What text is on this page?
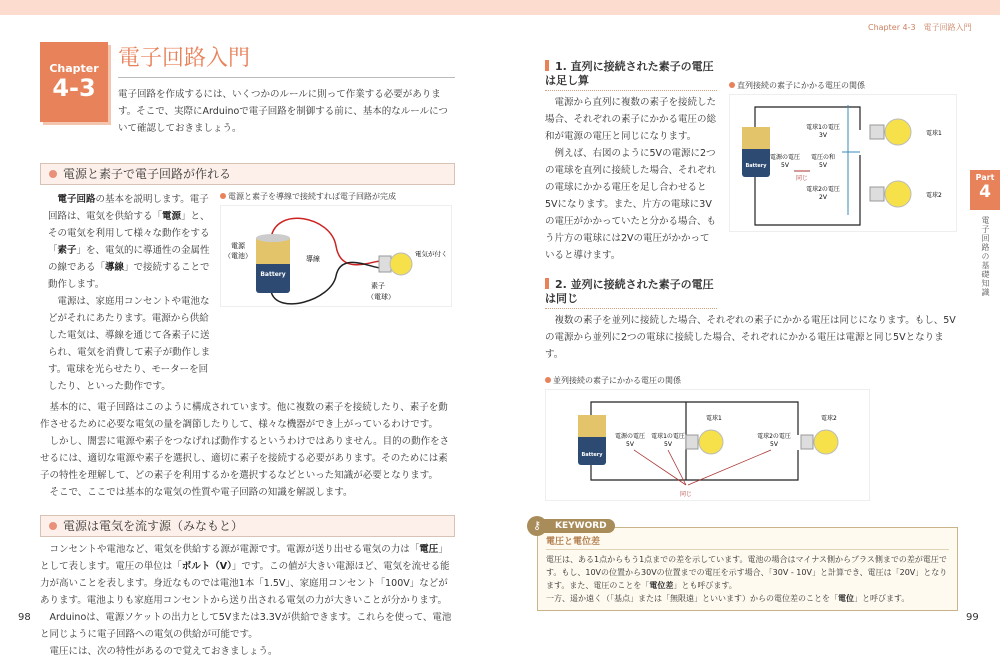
Chapter 4-3　 電子回路入門
Chapter
4-3
電子回路入門
電子回路を作成するには、いくつかのルールに則って作業する必要があります。そこで、実際にArduinoで電子回路を制御する前に、基本的なルールについて確認しておきましょう。
電源と素子で電子回路が作れる

電子回路の基本を説明します。電子回路は、電気を供給する「電源」と、その電気を利用して様々な動作をする「素子」を、電気的に導通性の金属性の線である「導線」で接続することで動作します。

電源は、家庭用コンセントや電池などがそれにあたります。電源から供給した電気は、導線を通じて各素子に送られ、電気を消費して素子が動作します。電球を光らせたり、モーターを回したり、といった動作です。

電源と素子を導線で接続すれば電子回路が完成
Battery
電源
（電池）	導線
素子
（電球）
電気が付く

基本的に、電子回路はこのように構成されています。他に複数の素子を接続したり、素子を動作させるために必要な電気の量を調節したりして、様々な機器ができ上がっているわけです。

しかし、闇雲に電源や素子をつなげれば動作するというわけではありません。目的の動作をさせるには、適切な電源や素子を選択し、適切に素子を接続する必要があります。そのためには素子の特性を理解して、どの素子を利用するかを選択するなどといった知識が必要となります。

そこで、ここでは基本的な電気の性質や電子回路の知識を解説します。

電源は電気を流す源（みなもと）

コンセントや電池など、電気を供給する源が電源です。電源が送り出せる電気の力は「電圧」として表します。電圧の単位は「ボルト（V）」です。この値が大きい電源ほど、電気を流せる能力が高いことを表します。身近なものでは電池1本「1.5V」、家庭用コンセント「100V」などがあります。電池よりも家庭用コンセントから送り出される電気の力が大きいことが分かります。

Arduinoは、電源ソケットの出力として5Vまたは3.3Vが供給できます。これらを使って、電池と同じように電子回路への電気の供給が可能です。

電圧には、次の特性があるので覚えておきましょう。

98
1. 直列に接続された素子の電圧は足し算

電源から直列に複数の素子を接続した場合、それぞれの素子にかかる電圧の総和が電源の電圧と同じになります。

例えば、右図のように5Vの電源に2つの電球を直列に接続した場合、それぞれの電球にかかる電圧を足し合わせると5Vになります。また、片方の電球に3Vの電圧がかかっていたと分かる場合、もう片方の電球には2Vの電圧がかかっていると導けます。

直列接続の素子にかかる電圧の関係
Battery
電球1
電球2
電球1の電圧
3V
電圧の和
5V
電球2の電圧
2V
電源の電圧
5V
同じ
2. 並列に接続された素子の電圧は同じ

複数の素子を並列に接続した場合、それぞれの素子にかかる電圧は同じになります。もし、5Vの電源から並列に2つの電球に接続した場合、それぞれにかかる電圧は電源と同じ5Vとなります。

並列接続の素子にかかる電圧の関係
Battery
電球1	電球2
電源の電圧
5V
電球1の電圧
5V
電球2の電圧
5V
同じ
電圧と電位差
電圧は、ある1点からもう1点までの差を示しています。電池の場合はマイナス側からプラス側までの差が電圧です。もし、10Vの位置から30Vの位置までの電圧を示す場合、「30V - 10V」と計算でき、電圧は「20V」となります。また、電圧のことを「電位差」とも呼びます。
一方、遥か遠く（「基点」または「無限遠」といいます）からの電位差のことを「電位」と呼びます。
KEYWORD
⚷
Part
4
電子回路の基礎知識
99
